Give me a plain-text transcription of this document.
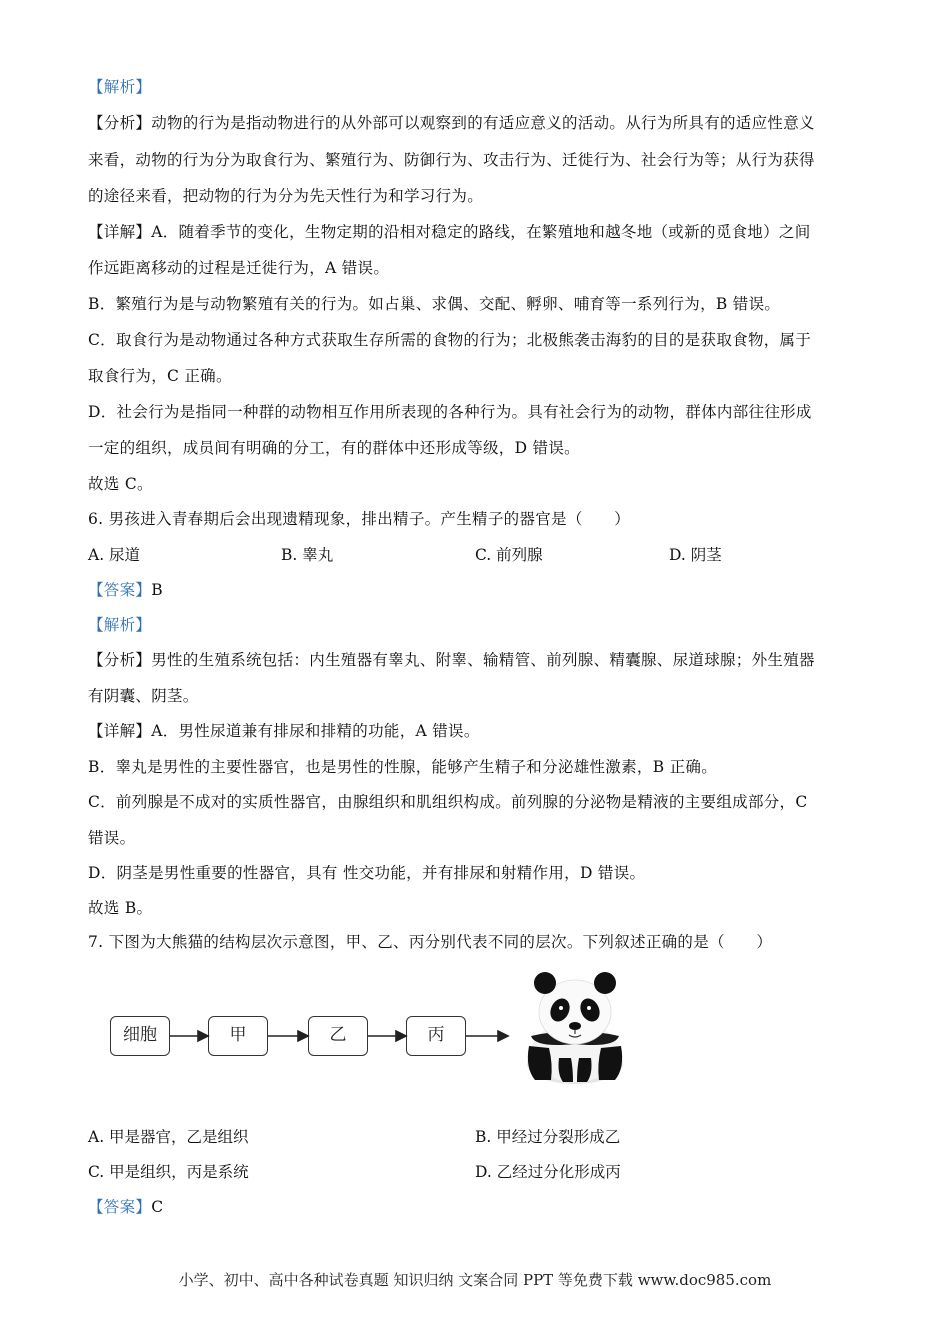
【解析】
【分析】动物的行为是指动物进行的从外部可以观察到的有适应意义的活动。从行为所具有的适应性意义
来看，动物的行为分为取食行为、繁殖行为、防御行为、攻击行为、迁徙行为、社会行为等；从行为获得
的途径来看，把动物的行为分为先天性行为和学习行为。
【详解】A．随着季节的变化，生物定期的沿相对稳定的路线，在繁殖地和越冬地（或新的觅食地）之间
作远距离移动的过程是迁徙行为，A 错误。
B．繁殖行为是与动物繁殖有关的行为。如占巢、求偶、交配、孵卵、哺育等一系列行为，B 错误。
C．取食行为是动物通过各种方式获取生存所需的食物的行为；北极熊袭击海豹的目的是获取食物，属于
取食行为，C 正确。
D．社会行为是指同一种群的动物相互作用所表现的各种行为。具有社会行为的动物，群体内部往往形成
一定的组织，成员间有明确的分工，有的群体中还形成等级，D 错误。
故选 C。
6. 男孩进入青春期后会出现遗精现象，排出精子。产生精子的器官是（　　）
A. 尿道	B. 睾丸	C. 前列腺	D. 阴茎
【答案】B
【解析】
【分析】男性的生殖系统包括：内生殖器有睾丸、附睾、输精管、前列腺、精囊腺、尿道球腺；外生殖器
有阴囊、阴茎。
【详解】A．男性尿道兼有排尿和排精的功能，A 错误。
B．睾丸是男性的主要性器官，也是男性的性腺，能够产生精子和分泌雄性激素，B 正确。
C．前列腺是不成对的实质性器官，由腺组织和肌组织构成。前列腺的分泌物是精液的主要组成部分，C
错误。
D．阴茎是男性重要的性器官，具有 性交功能，并有排尿和射精作用，D 错误。
故选 B。
7. 下图为大熊猫的结构层次示意图，甲、乙、丙分别代表不同的层次。下列叙述正确的是（　　）
细胞	甲	乙	丙
A. 甲是器官，乙是组织	B. 甲经过分裂形成乙
C. 甲是组织，丙是系统	D. 乙经过分化形成丙
【答案】C
小学、初中、高中各种试卷真题 知识归纳 文案合同 PPT 等免费下载 www.doc985.com
